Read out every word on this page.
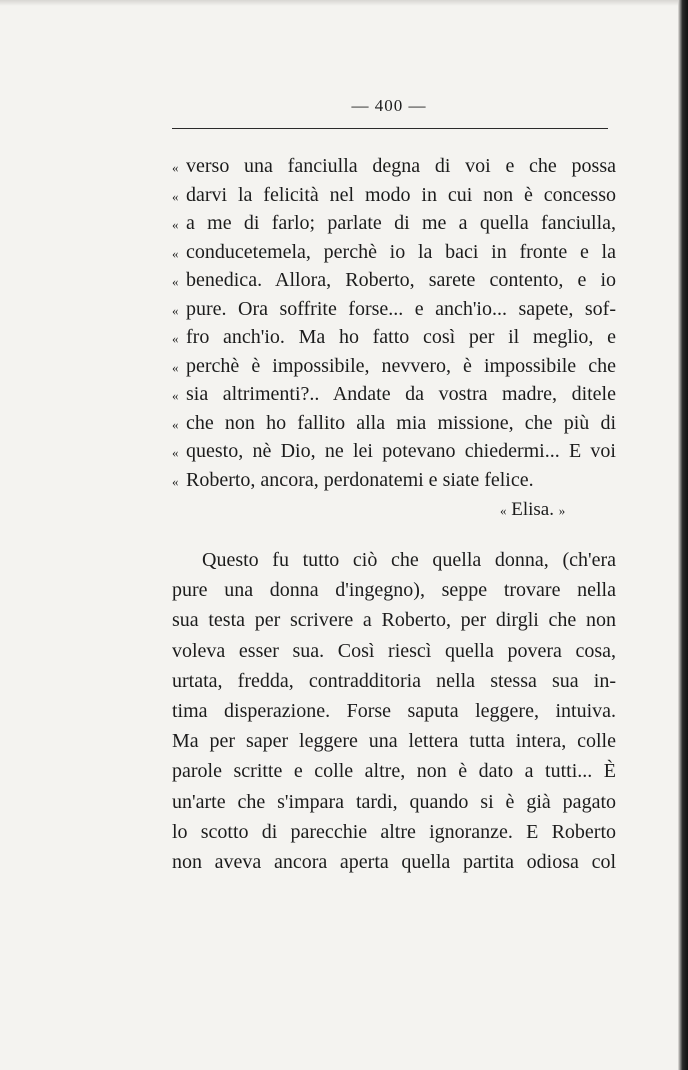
— 400 —
« verso una fanciulla degna di voi e che possa
« darvi la felicità nel modo in cui non è concesso
« a me di farlo; parlate di me a quella fanciulla,
« conducetemela, perchè io la baci in fronte e la
« benedica. Allora, Roberto, sarete contento, e io
« pure. Ora soffrite forse... e anch'io... sapete, sof-
« fro anch'io. Ma ho fatto così per il meglio, e
« perchè è impossibile, nevvero, è impossibile che
« sia altrimenti?.. Andate da vostra madre, ditele
« che non ho fallito alla mia missione, che più di
« questo, nè Dio, ne lei potevano chiedermi... E voi
« Roberto, ancora, perdonatemi e siate felice.
« Elisa. »
Questo fu tutto ciò che quella donna, (ch'era
pure una donna d'ingegno), seppe trovare nella
sua testa per scrivere a Roberto, per dirgli che non
voleva esser sua. Così riescì quella povera cosa,
urtata, fredda, contradditoria nella stessa sua in-
tima disperazione. Forse saputa leggere, intuiva.
Ma per saper leggere una lettera tutta intera, colle
parole scritte e colle altre, non è dato a tutti... È
un'arte che s'impara tardi, quando si è già pagato
lo scotto di parecchie altre ignoranze. E Roberto
non aveva ancora aperta quella partita odiosa col
